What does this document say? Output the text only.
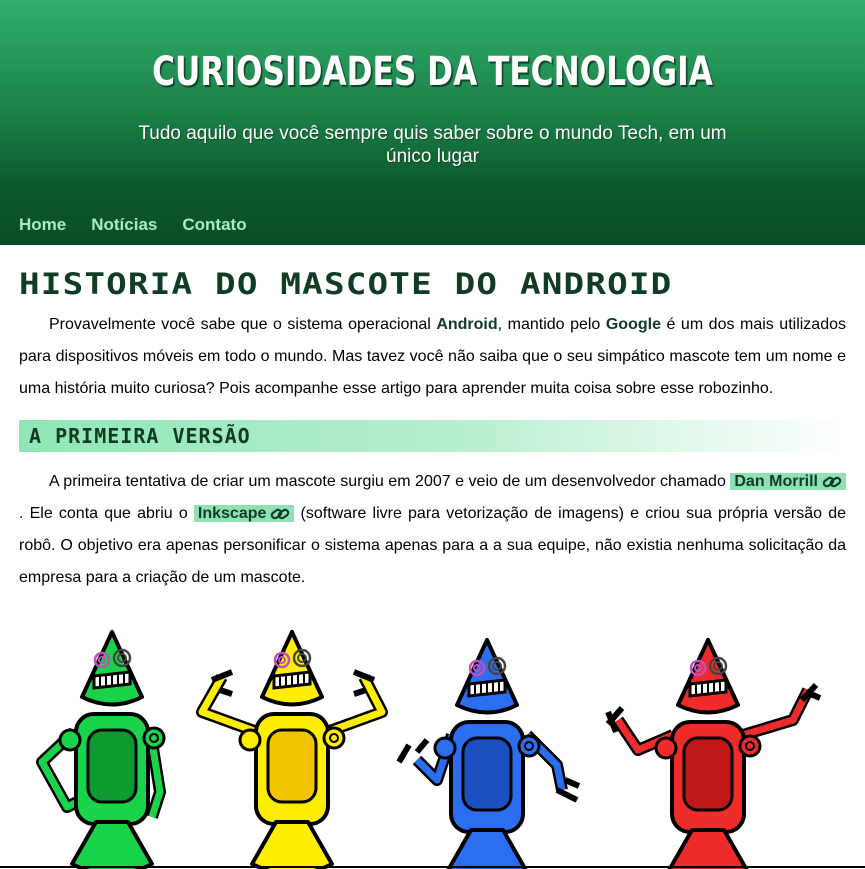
CURIOSIDADES DA TECNOLOGIA

Tudo aquilo que você sempre quis saber sobre o mundo Tech, em um único lugar

Home Notícias Contato
HISTORIA DO MASCOTE DO ANDROID

Provavelmente você sabe que o sistema operacional Android, mantido pelo Google é um dos mais utilizados para dispositivos móveis em todo o mundo. Mas tavez você não saiba que o seu simpático mascote tem um nome e uma história muito curiosa? Pois acompanhe esse artigo para aprender muita coisa sobre esse robozinho.

A PRIMEIRA VERSÃO

A primeira tentativa de criar um mascote surgiu em 2007 e veio de um desenvolvedor chamado Dan Morrill. Ele conta que abriu o Inkscape (software livre para vetorização de imagens) e criou sua própria versão de robô. O objetivo era apenas personificar o sistema apenas para a a sua equipe, não existia nenhuma solicitação da empresa para a criação de um mascote.
